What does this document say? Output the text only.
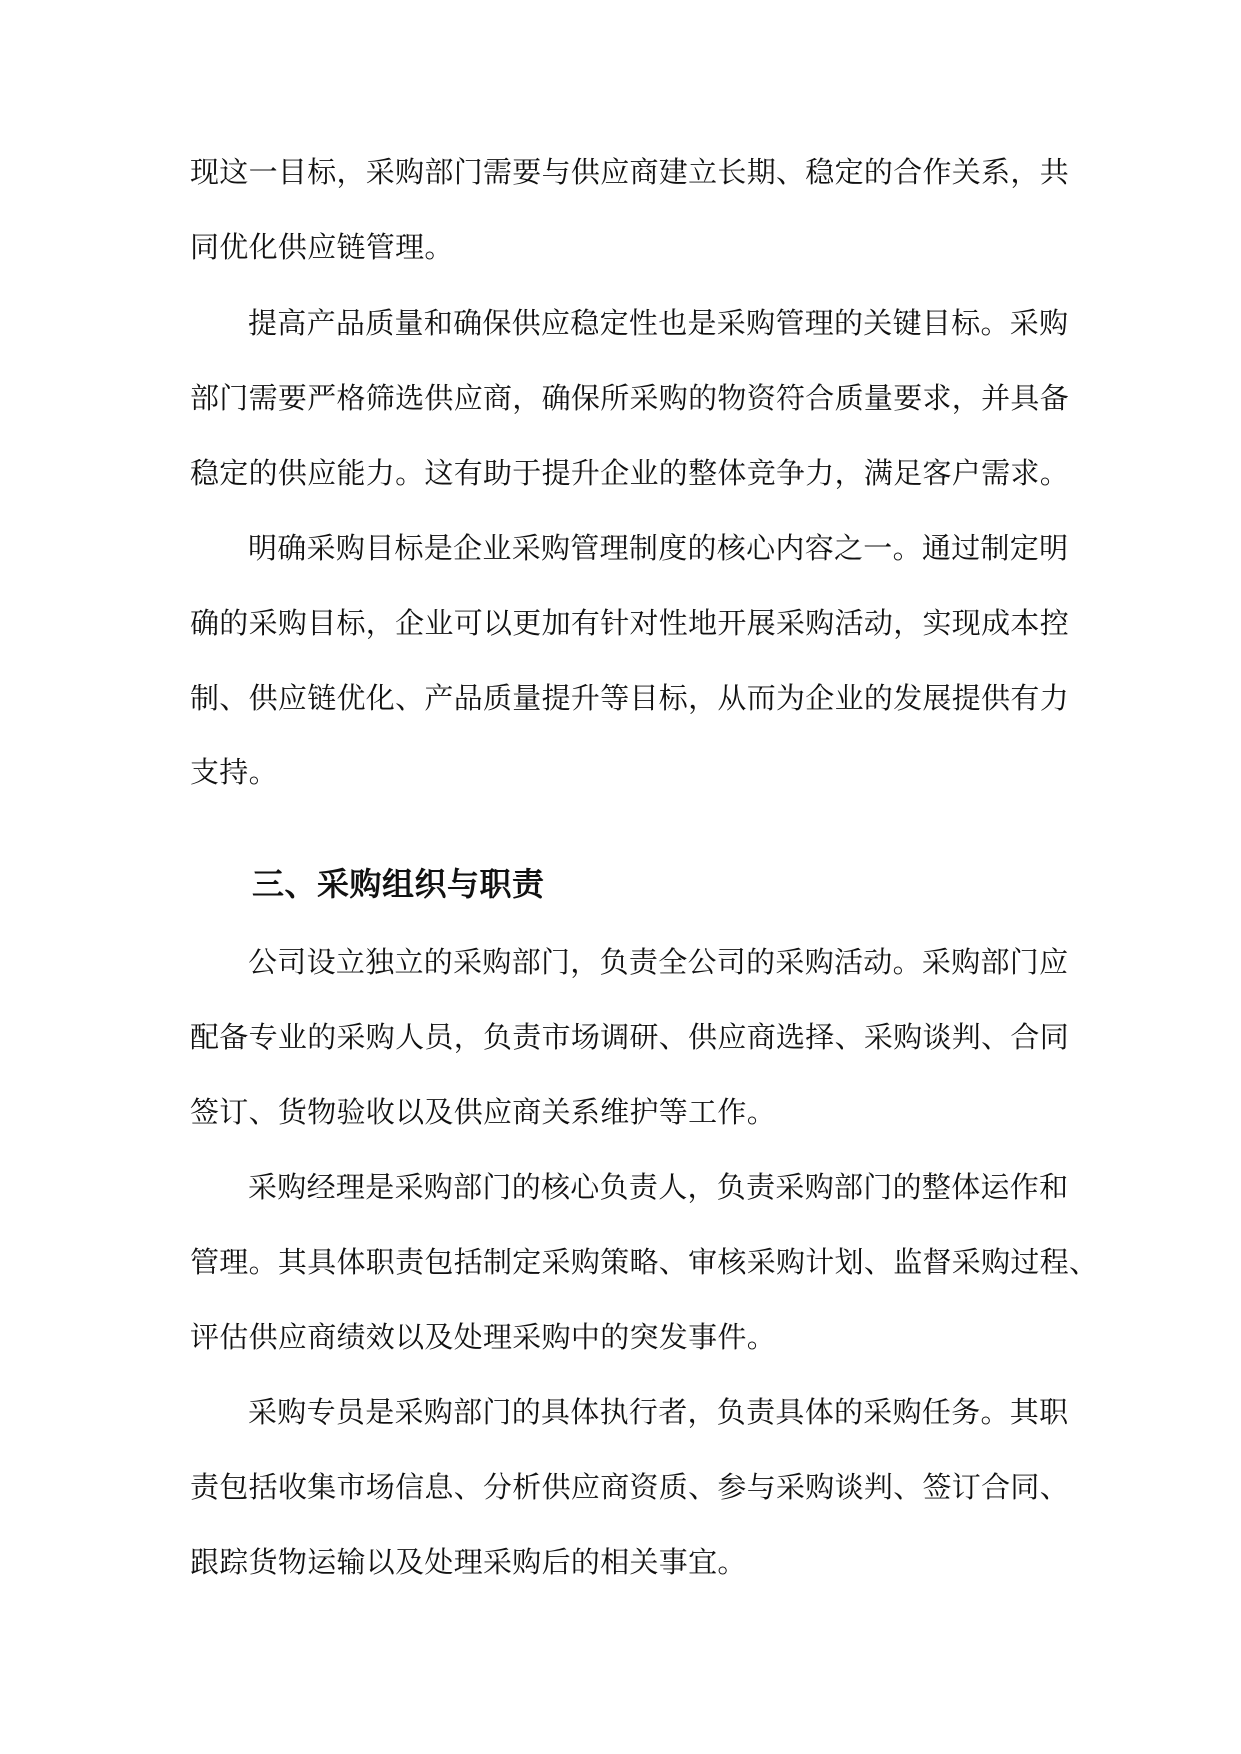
现这一目标，采购部门需要与供应商建立长期、稳定的合作关系，共
同优化供应链管理。
提高产品质量和确保供应稳定性也是采购管理的关键目标。采购
部门需要严格筛选供应商，确保所采购的物资符合质量要求，并具备
稳定的供应能力。这有助于提升企业的整体竞争力，满足客户需求。
明确采购目标是企业采购管理制度的核心内容之一。通过制定明
确的采购目标，企业可以更加有针对性地开展采购活动，实现成本控
制、供应链优化、产品质量提升等目标，从而为企业的发展提供有力
支持。
三、采购组织与职责
公司设立独立的采购部门，负责全公司的采购活动。采购部门应
配备专业的采购人员，负责市场调研、供应商选择、采购谈判、合同
签订、货物验收以及供应商关系维护等工作。
采购经理是采购部门的核心负责人，负责采购部门的整体运作和
管理。其具体职责包括制定采购策略、审核采购计划、监督采购过程、
评估供应商绩效以及处理采购中的突发事件。
采购专员是采购部门的具体执行者，负责具体的采购任务。其职
责包括收集市场信息、分析供应商资质、参与采购谈判、签订合同、
跟踪货物运输以及处理采购后的相关事宜。
